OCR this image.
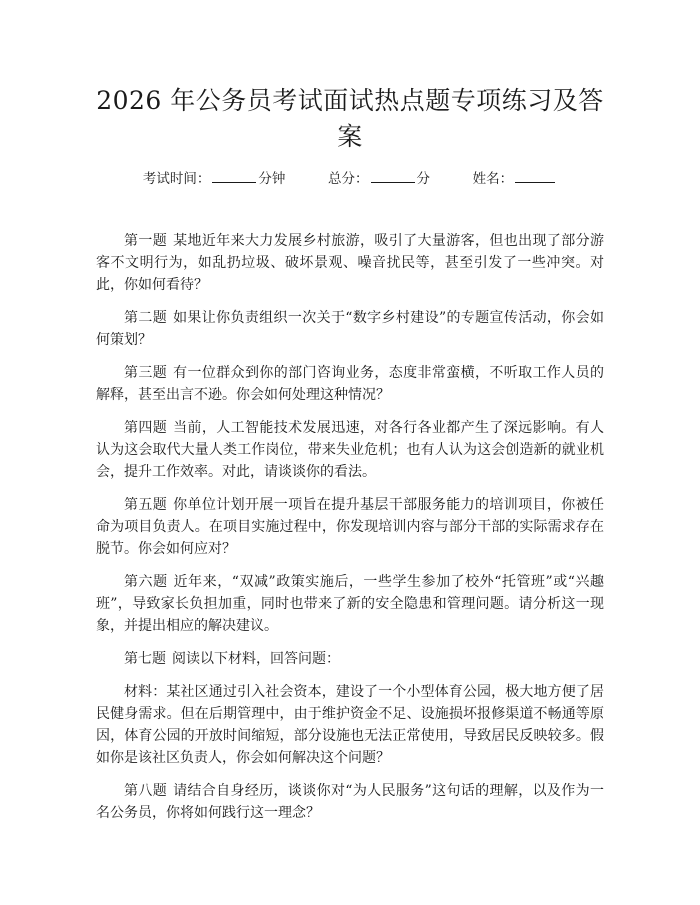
2026 年公务员考试面试热点题专项练习及答案
考试时间：	分钟	总分：	分	姓名：

第一题 某地近年来大力发展乡村旅游，吸引了大量游客，但也出现了部分游客不文明行为，如乱扔垃圾、破坏景观、噪音扰民等，甚至引发了一些冲突。对此，你如何看待？

第二题 如果让你负责组织一次关于“数字乡村建设”的专题宣传活动，你会如何策划？

第三题 有一位群众到你的部门咨询业务，态度非常蛮横，不听取工作人员的解释，甚至出言不逊。你会如何处理这种情况？

第四题 当前，人工智能技术发展迅速，对各行各业都产生了深远影响。有人认为这会取代大量人类工作岗位，带来失业危机；也有人认为这会创造新的就业机会，提升工作效率。对此，请谈谈你的看法。

第五题 你单位计划开展一项旨在提升基层干部服务能力的培训项目，你被任命为项目负责人。在项目实施过程中，你发现培训内容与部分干部的实际需求存在脱节。你会如何应对？

第六题 近年来，“双减”政策实施后，一些学生参加了校外“托管班”或“兴趣班”，导致家长负担加重，同时也带来了新的安全隐患和管理问题。请分析这一现象，并提出相应的解决建议。

第七题 阅读以下材料，回答问题：

材料：某社区通过引入社会资本，建设了一个小型体育公园，极大地方便了居民健身需求。但在后期管理中，由于维护资金不足、设施损坏报修渠道不畅通等原因，体育公园的开放时间缩短，部分设施也无法正常使用，导致居民反映较多。假如你是该社区负责人，你会如何解决这个问题？

第八题 请结合自身经历，谈谈你对“为人民服务”这句话的理解，以及作为一名公务员，你将如何践行这一理念？
